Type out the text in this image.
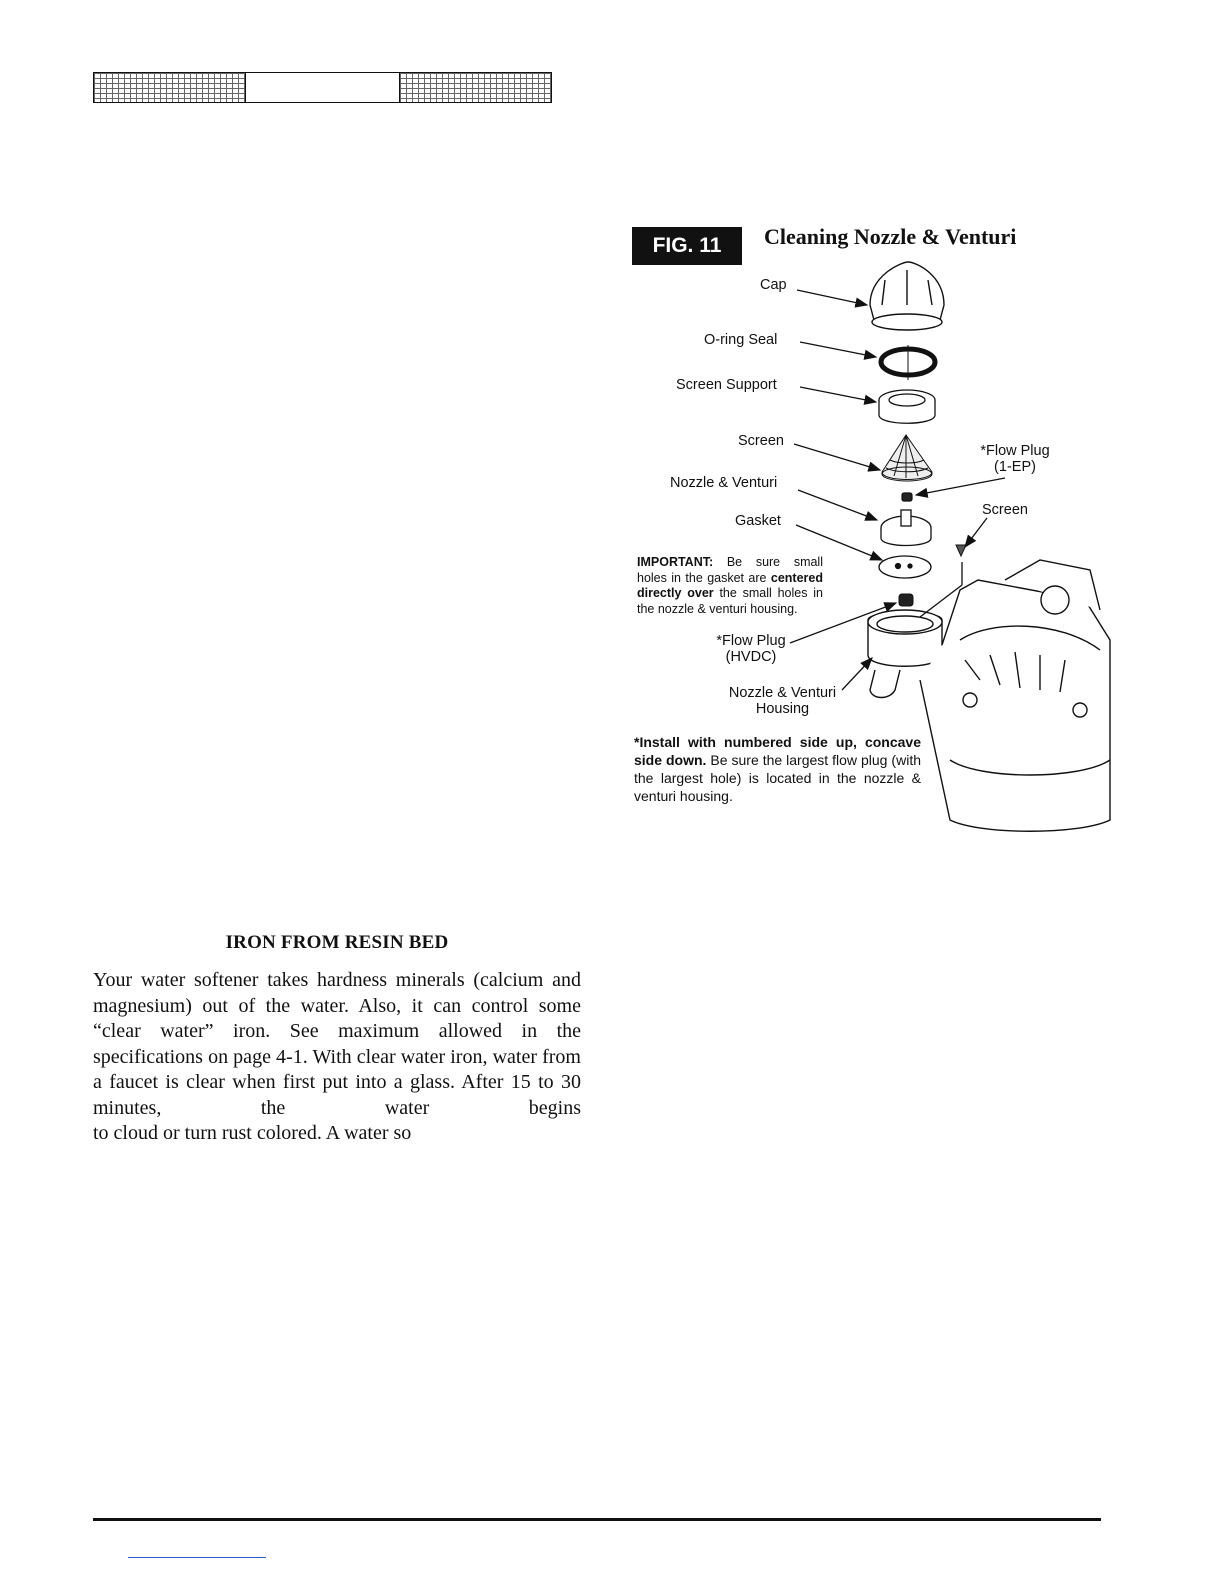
FIG. 11	Cleaning Nozzle & Venturi
Cap
O-ring Seal
Screen Support
Screen
*Flow Plug
(1-EP)
Nozzle & Venturi
Screen
Gasket
IMPORTANT: Be sure small holes in the gasket are centered directly over the small holes in the nozzle & venturi housing.
*Flow Plug
(HVDC)
Nozzle & Venturi
Housing
*Install with numbered side up, concave side down. Be sure the largest flow plug (with the largest hole) is located in the nozzle & venturi housing.
IRON FROM RESIN BED
Your water softener takes hardness minerals (calcium and magnesium) out of the water. Also, it can control some “clear water” iron. See maximum allowed in the specifications on page 4-1. With clear water iron, water from a faucet is clear when first put into a glass. After 15 to 30 minutes, the water begins
to cloud or turn rust colored. A water so
